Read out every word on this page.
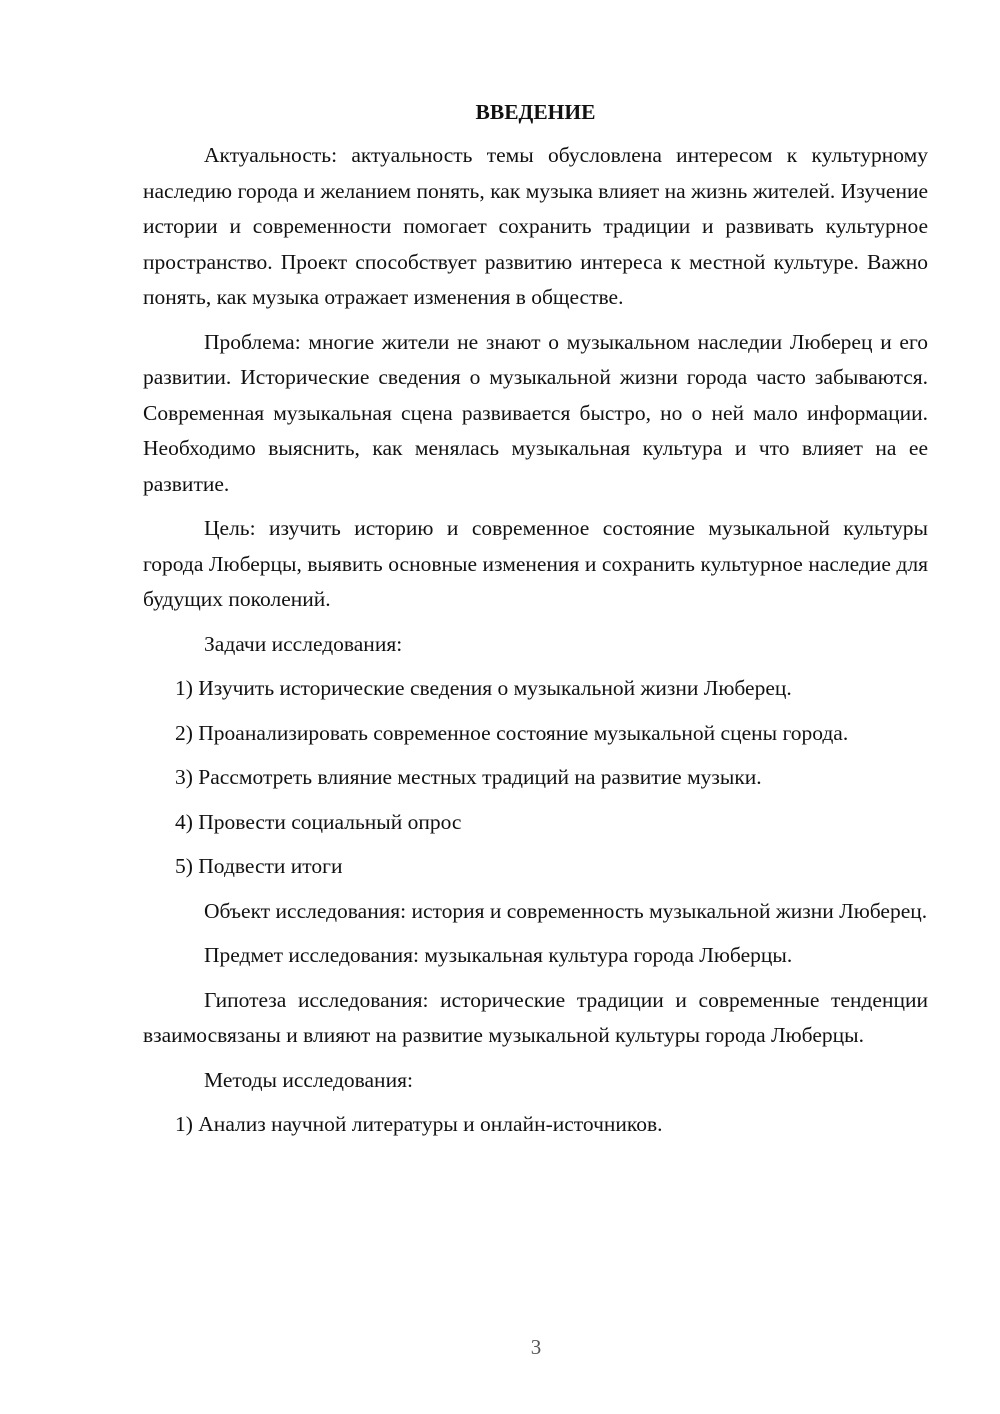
ВВЕДЕНИЕ

Актуальность: актуальность темы обусловлена интересом к культурному наследию города и желанием понять, как музыка влияет на жизнь жителей. Изучение истории и современности помогает сохранить традиции и развивать культурное пространство. Проект способствует развитию интереса к местной культуре. Важно понять, как музыка отражает изменения в обществе.

Проблема: многие жители не знают о музыкальном наследии Люберец и его развитии. Исторические сведения о музыкальной жизни города часто забываются. Современная музыкальная сцена развивается быстро, но о ней мало информации. Необходимо выяснить, как менялась музыкальная культура и что влияет на ее развитие.

Цель: изучить историю и современное состояние музыкальной культуры города Люберцы, выявить основные изменения и сохранить культурное наследие для будущих поколений.

Задачи исследования:

1) Изучить исторические сведения о музыкальной жизни Люберец.

2) Проанализировать современное состояние музыкальной сцены города.

3) Рассмотреть влияние местных традиций на развитие музыки.

4) Провести социальный опрос

5) Подвести итоги

Объект исследования: история и современность музыкальной жизни Люберец.

Предмет исследования: музыкальная культура города Люберцы.

Гипотеза исследования: исторические традиции и современные тенденции взаимосвязаны и влияют на развитие музыкальной культуры города Люберцы.

Методы исследования:

1) Анализ научной литературы и онлайн-источников.

3
